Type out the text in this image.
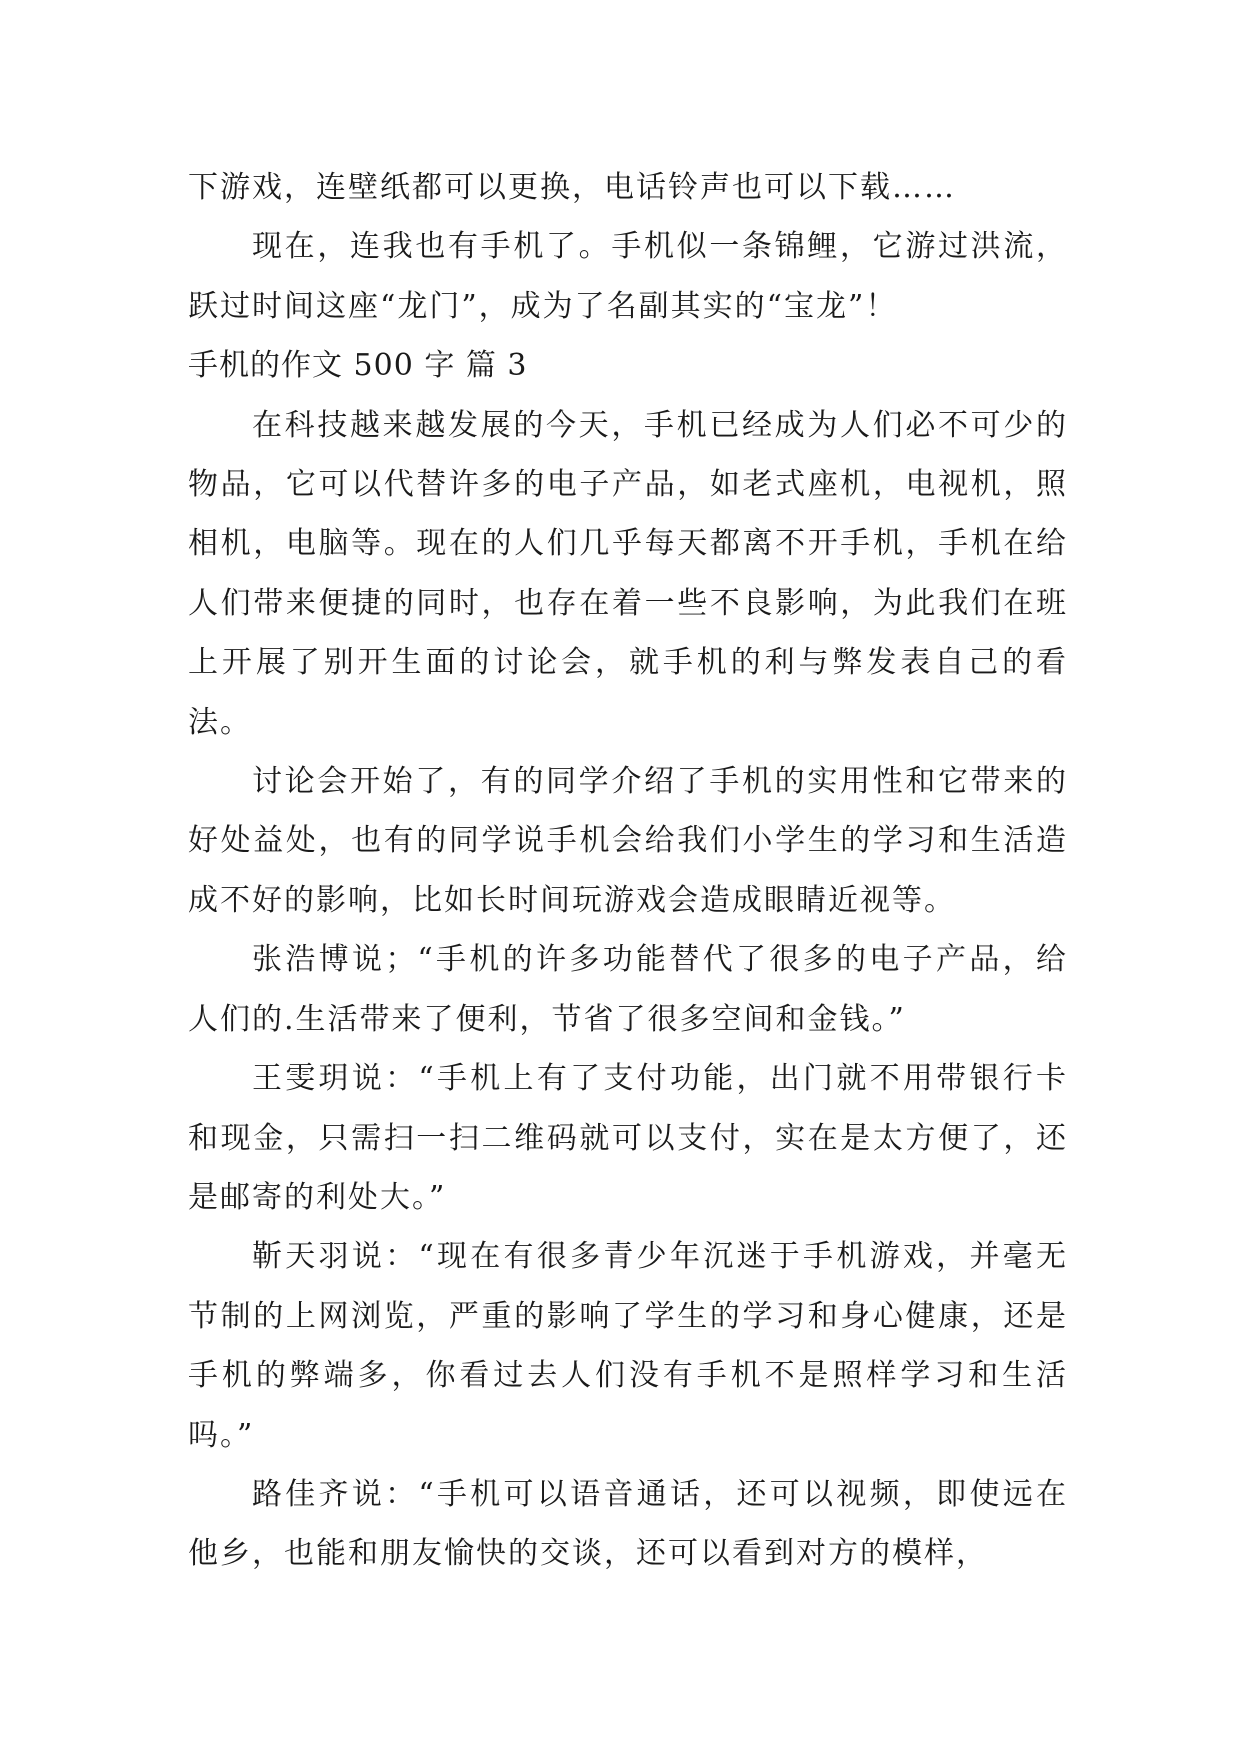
下游戏，连壁纸都可以更换，电话铃声也可以下载……

现在，连我也有手机了。手机似一条锦鲤，它游过洪流，跃过时间这座“龙门”，成为了名副其实的“宝龙”！

手机的作文 500 字 篇 3

在科技越来越发展的今天，手机已经成为人们必不可少的物品，它可以代替许多的电子产品，如老式座机，电视机，照相机，电脑等。现在的人们几乎每天都离不开手机，手机在给人们带来便捷的同时，也存在着一些不良影响，为此我们在班上开展了别开生面的讨论会，就手机的利与弊发表自己的看法。

讨论会开始了，有的同学介绍了手机的实用性和它带来的好处益处，也有的同学说手机会给我们小学生的学习和生活造成不好的影响，比如长时间玩游戏会造成眼睛近视等。

张浩博说；“手机的许多功能替代了很多的电子产品，给人们的.生活带来了便利，节省了很多空间和金钱。”

王雯玥说：“手机上有了支付功能，出门就不用带银行卡和现金，只需扫一扫二维码就可以支付，实在是太方便了，还是邮寄的利处大。”

靳天羽说：“现在有很多青少年沉迷于手机游戏，并毫无节制的上网浏览，严重的影响了学生的学习和身心健康，还是手机的弊端多，你看过去人们没有手机不是照样学习和生活吗。”

路佳齐说：“手机可以语音通话，还可以视频，即使远在他乡，也能和朋友愉快的交谈，还可以看到对方的模样，
